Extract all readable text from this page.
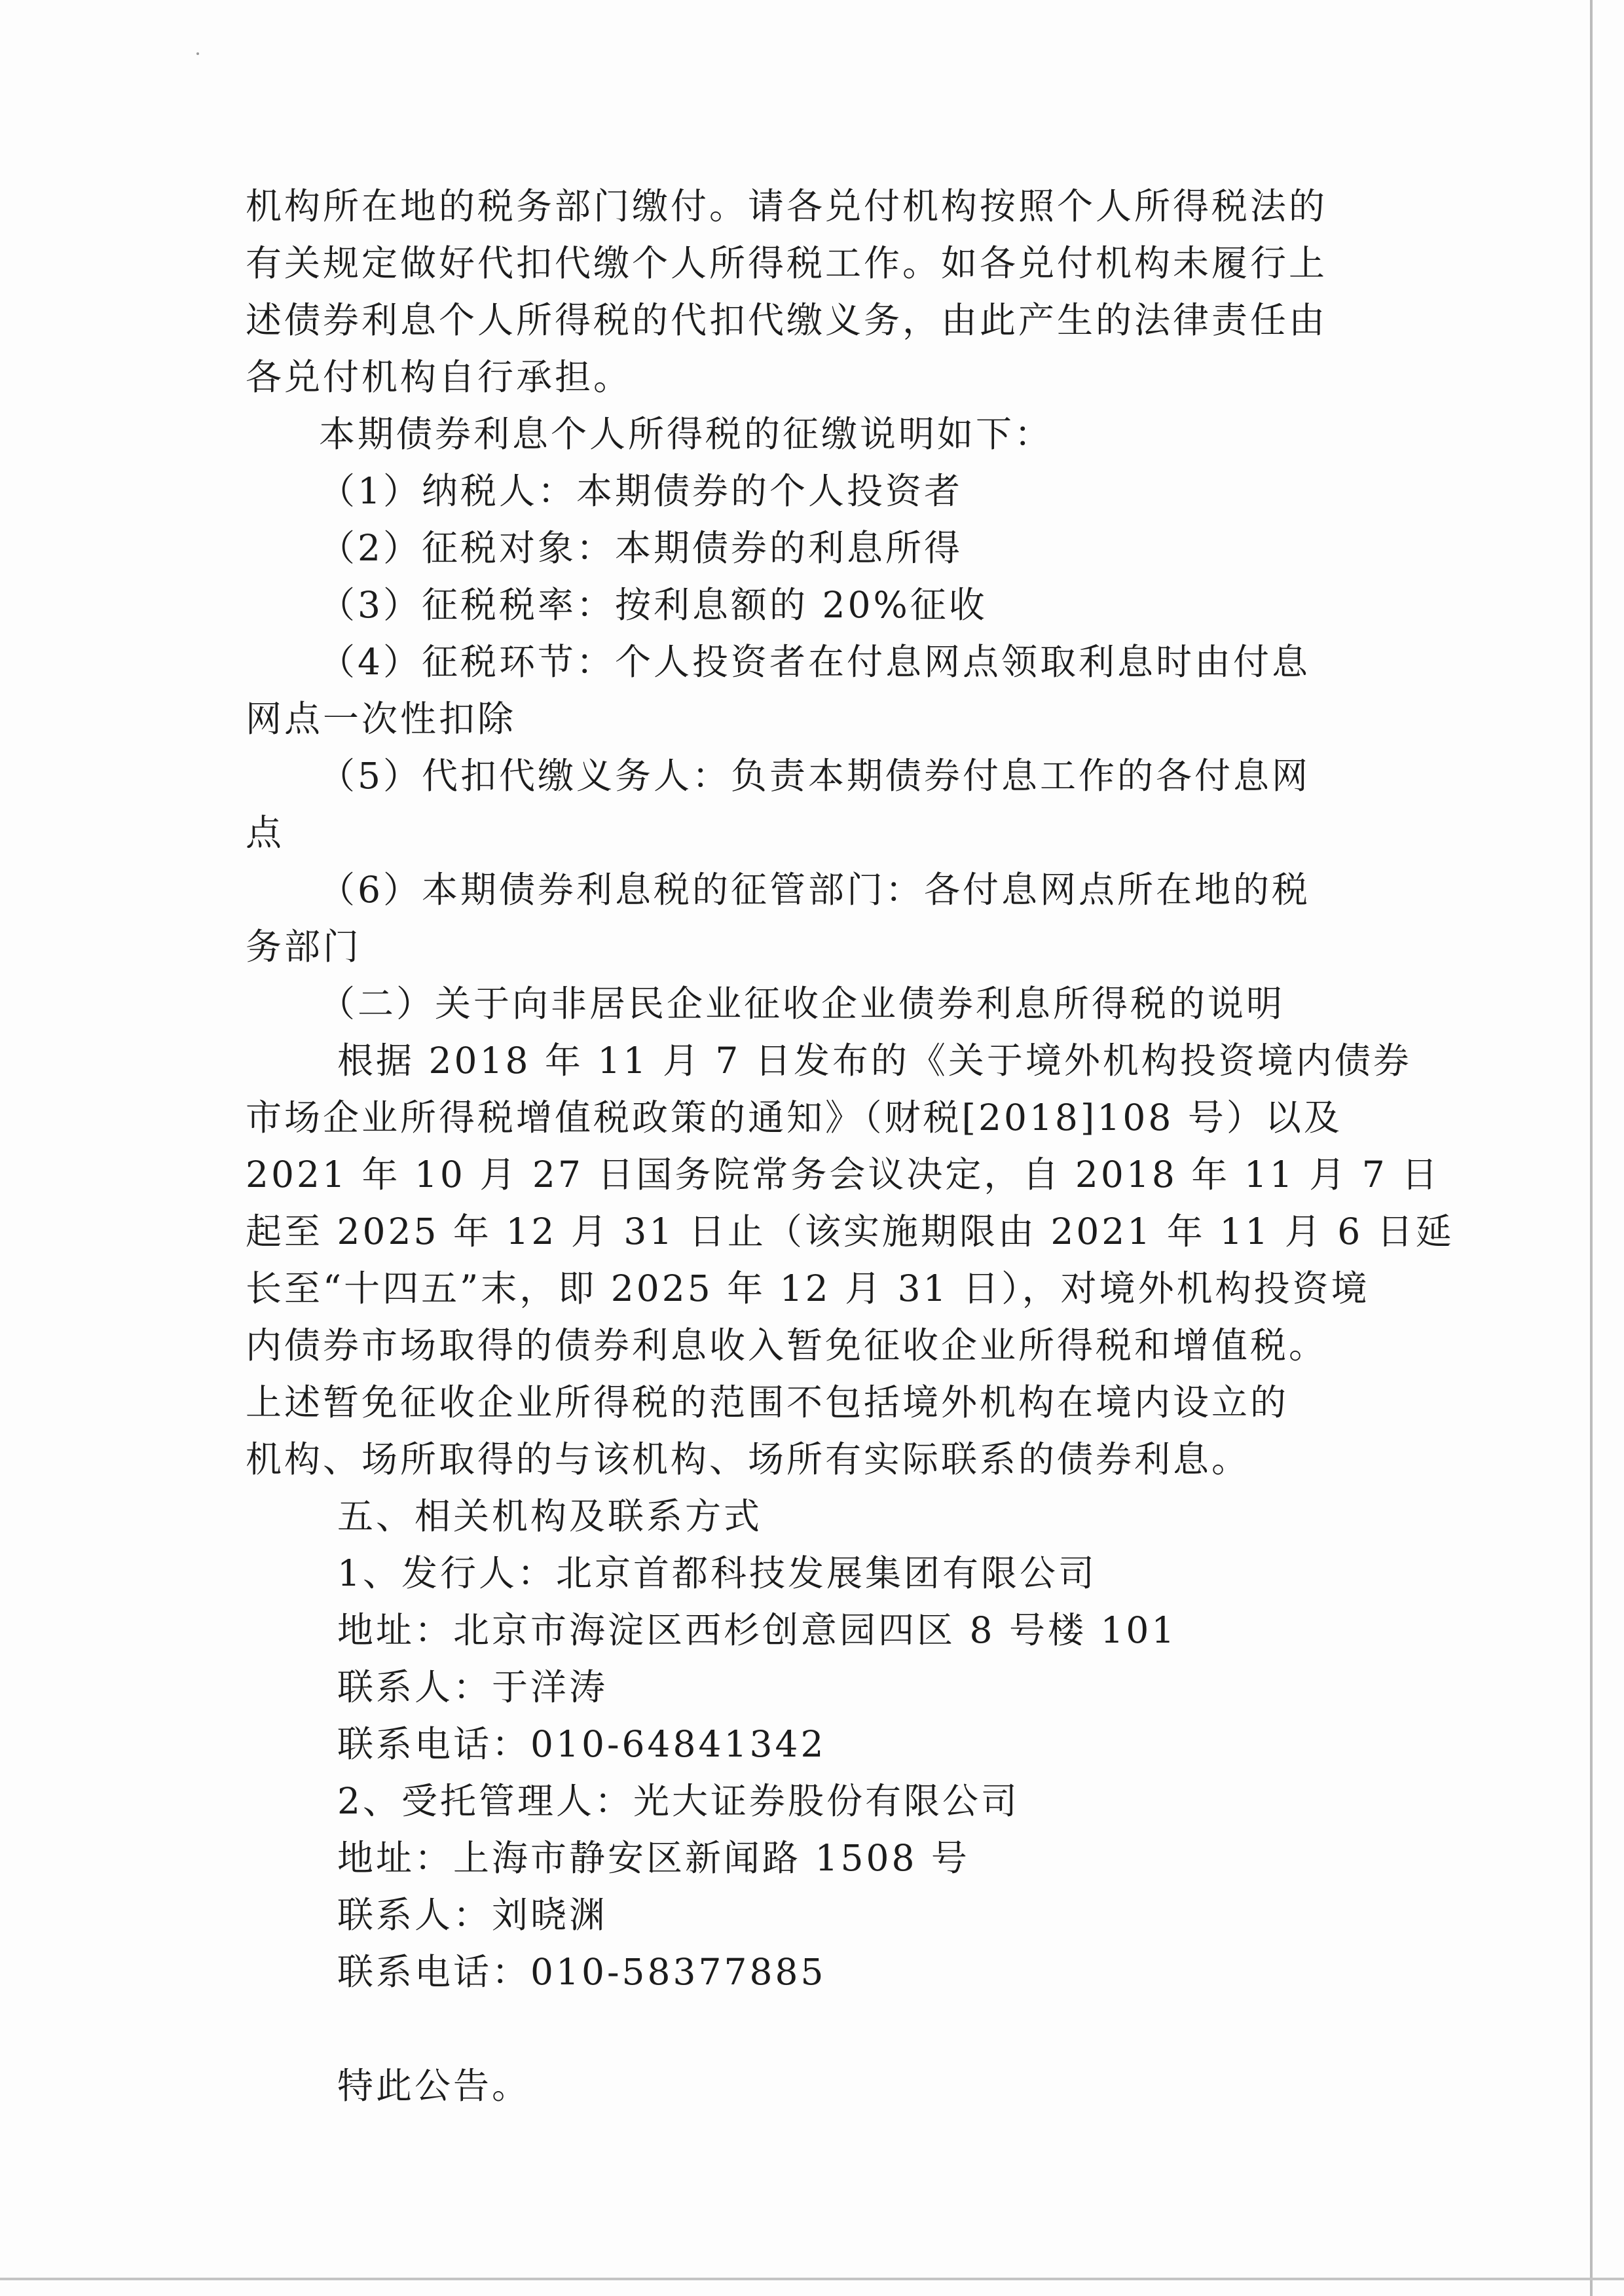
机构所在地的税务部门缴付。请各兑付机构按照个人所得税法的
有关规定做好代扣代缴个人所得税工作。如各兑付机构未履行上
述债券利息个人所得税的代扣代缴义务，由此产生的法律责任由
各兑付机构自行承担。
本期债券利息个人所得税的征缴说明如下：
（1）纳税人：本期债券的个人投资者
（2）征税对象：本期债券的利息所得
（3）征税税率：按利息额的 20%征收
（4）征税环节：个人投资者在付息网点领取利息时由付息
网点一次性扣除
（5）代扣代缴义务人：负责本期债券付息工作的各付息网
点
（6）本期债券利息税的征管部门：各付息网点所在地的税
务部门
（二）关于向非居民企业征收企业债券利息所得税的说明
根据 2018 年 11 月 7 日发布的《关于境外机构投资境内债券
市场企业所得税增值税政策的通知》（财税[2018]108 号）以及
2021 年 10 月 27 日国务院常务会议决定，自 2018 年 11 月 7 日
起至 2025 年 12 月 31 日止（该实施期限由 2021 年 11 月 6 日延
长至“十四五”末，即 2025 年 12 月 31 日），对境外机构投资境
内债券市场取得的债券利息收入暂免征收企业所得税和增值税。
上述暂免征收企业所得税的范围不包括境外机构在境内设立的
机构、场所取得的与该机构、场所有实际联系的债券利息。
五、相关机构及联系方式
1、发行人：北京首都科技发展集团有限公司
地址：北京市海淀区西杉创意园四区 8 号楼 101
联系人：于洋涛
联系电话：010-64841342
2、受托管理人：光大证券股份有限公司
地址：上海市静安区新闻路 1508 号
联系人：刘晓渊
联系电话：010-58377885
特此公告。
